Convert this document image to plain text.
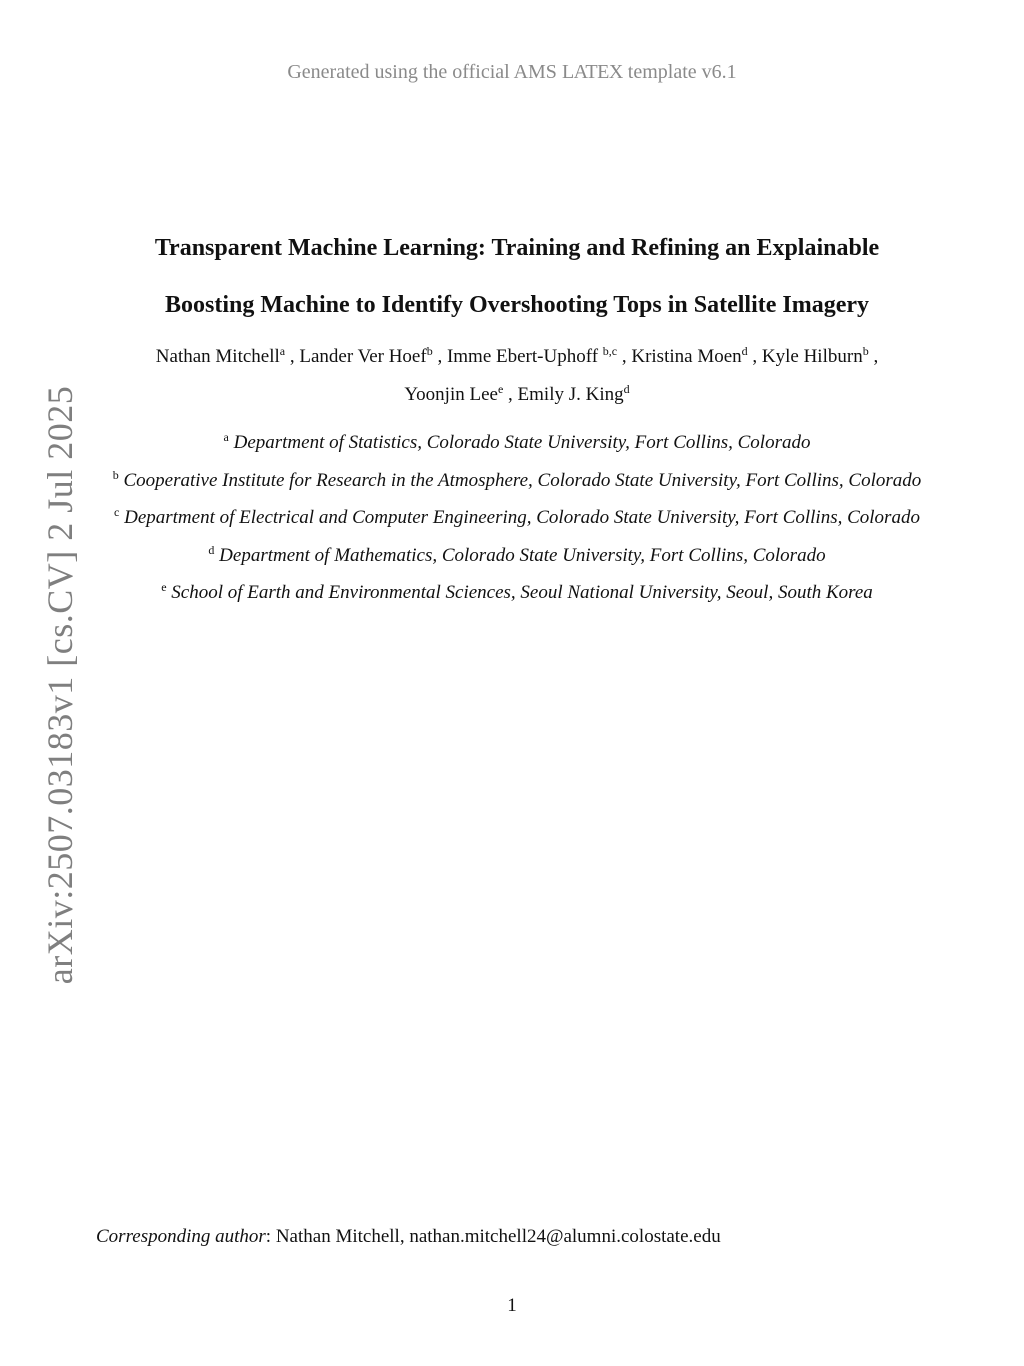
Generated using the official AMS LATEX template v6.1
arXiv:2507.03183v1 [cs.CV] 2 Jul 2025
Transparent Machine Learning: Training and Refining an Explainable
Boosting Machine to Identify Overshooting Tops in Satellite Imagery
Nathan Mitchell$^a$ , Lander Ver Hoef$^b$ , Imme Ebert-Uphoff $^{b,c}$ , Kristina Moen$^d$ , Kyle Hilburn$^b$ ,
Yoonjin Lee$^e$ , Emily J. King$^d$
$^a$ Department of Statistics, Colorado State University, Fort Collins, Colorado
$^b$ Cooperative Institute for Research in the Atmosphere, Colorado State University, Fort Collins, Colorado
$^c$ Department of Electrical and Computer Engineering, Colorado State University, Fort Collins, Colorado
$^d$ Department of Mathematics, Colorado State University, Fort Collins, Colorado
$^e$ School of Earth and Environmental Sciences, Seoul National University, Seoul, South Korea
Corresponding author: Nathan Mitchell, nathan.mitchell24@alumni.colostate.edu
1
